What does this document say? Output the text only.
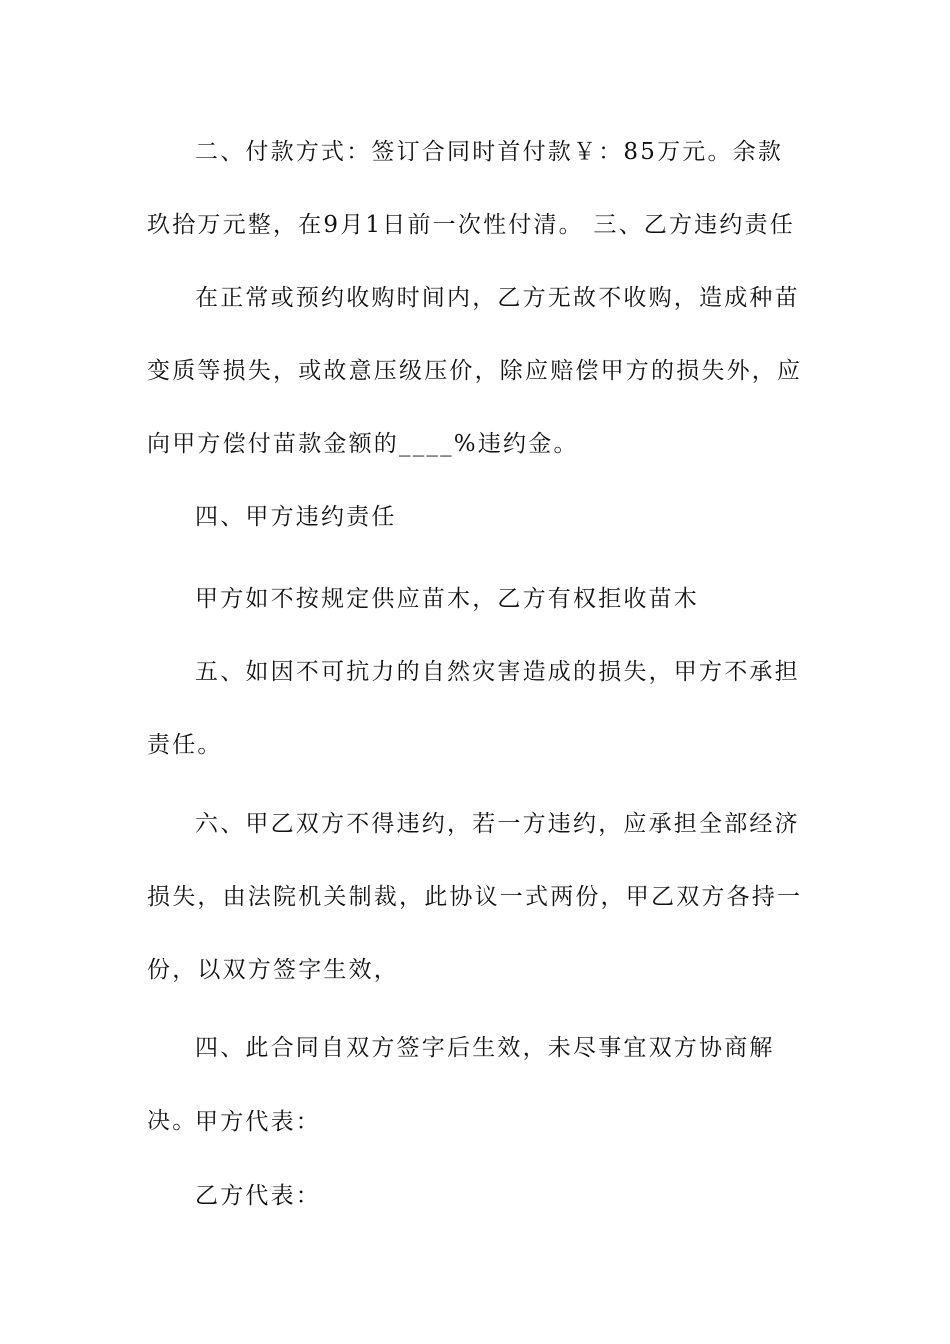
二、付款方式：签订合同时首付款￥：85万元。余款玖拾万元整，在9月1日前一次性付清。 三、乙方违约责任

在正常或预约收购时间内，乙方无故不收购，造成种苗变质等损失，或故意压级压价，除应赔偿甲方的损失外，应向甲方偿付苗款金额的____%违约金。

四、甲方违约责任

甲方如不按规定供应苗木，乙方有权拒收苗木

五、如因不可抗力的自然灾害造成的损失，甲方不承担责任。

六、甲乙双方不得违约，若一方违约，应承担全部经济损失，由法院机关制裁，此协议一式两份，甲乙双方各持一份，以双方签字生效，

四、此合同自双方签字后生效，未尽事宜双方协商解决。

甲方代表：

乙方代表：
